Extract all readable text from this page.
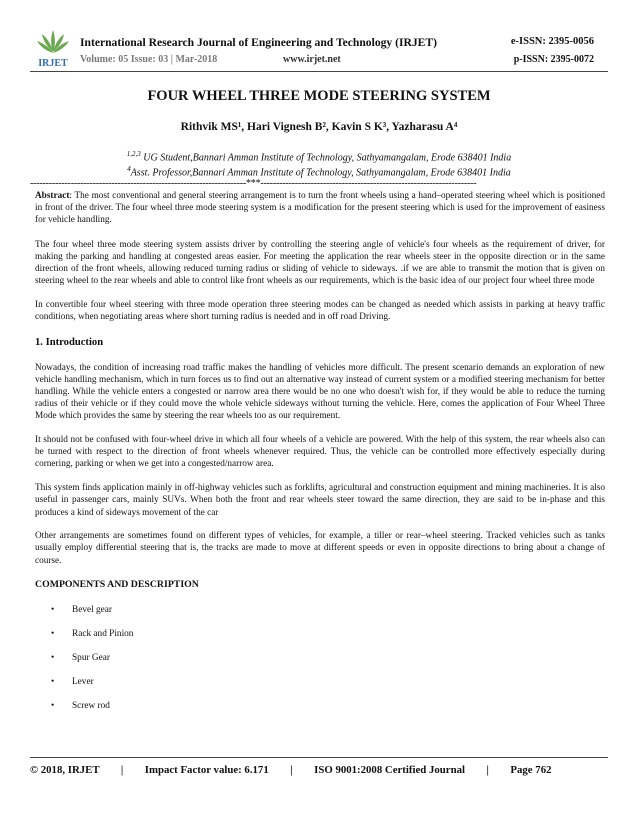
IRJET
International Research Journal of Engineering and Technology (IRJET)	e-ISSN: 2395-0056
Volume: 05 Issue: 03 | Mar-2018	www.irjet.net	p-ISSN: 2395-0072
FOUR WHEEL THREE MODE STEERING SYSTEM
Rithvik MS¹, Hari Vignesh B², Kavin S K³, Yazharasu A⁴
$^{1,2,3}$ UG Student,Bannari Amman Institute of Technology, Sathyamangalam, Erode 638401 India
$^4$Asst. Professor,Bannari Amman Institute of Technology, Sathyamangalam, Erode 638401 India
---------------------------------------------------------------------***---------------------------------------------------------------------

Abstract: The most conventional and general steering arrangement is to turn the front wheels using a hand–operated steering wheel which is positioned in front of the driver. The four wheel three mode steering system is a modification for the present steering which is used for the improvement of easiness for vehicle handling.

The four wheel three mode steering system assists driver by controlling the steering angle of vehicle's four wheels as the requirement of driver, for making the parking and handling at congested areas easier. For meeting the application the rear wheels steer in the opposite direction or in the same direction of the front wheels, allowing reduced turning radius or sliding of vehicle to sideways. .if we are able to transmit the motion that is given on steering wheel to the rear wheels and able to control like front wheels as our requirements, which is the basic idea of our project four wheel three mode

In convertible four wheel steering with three mode operation three steering modes can be changed as needed which assists in parking at heavy traffic conditions, when negotiating areas where short turning radius is needed and in off road Driving.

1. Introduction

Nowadays, the condition of increasing road traffic makes the handling of vehicles more difficult. The present scenario demands an exploration of new vehicle handling mechanism, which in turn forces us to find out an alternative way instead of current system or a modified steering mechanism for better handling. While the vehicle enters a congested or narrow area there would be no one who doesn't wish for, if they would be able to reduce the turning radius of their vehicle or if they could move the whole vehicle sideways without turning the vehicle. Here, comes the application of Four Wheel Three Mode which provides the same by steering the rear wheels too as our requirement.

It should not be confused with four-wheel drive in which all four wheels of a vehicle are powered. With the help of this system, the rear wheels also can be turned with respect to the direction of front wheels whenever required. Thus, the vehicle can be controlled more effectively especially during cornering, parking or when we get into a congested/narrow area.

This system finds application mainly in off-highway vehicles such as forklifts, agricultural and construction equipment and mining machineries. It is also useful in passenger cars, mainly SUVs. When both the front and rear wheels steer toward the same direction, they are said to be in-phase and this produces a kind of sideways movement of the car

Other arrangements are sometimes found on different types of vehicles, for example, a tiller or rear–wheel steering. Tracked vehicles such as tanks usually employ differential steering that is, the tracks are made to move at different speeds or even in opposite directions to bring about a change of course.

COMPONENTS AND DESCRIPTION
• Bevel gear
• Rack and Pinion
• Spur Gear
• Lever
• Screw rod
© 2018, IRJET | Impact Factor value: 6.171 | ISO 9001:2008 Certified Journal | Page 762
